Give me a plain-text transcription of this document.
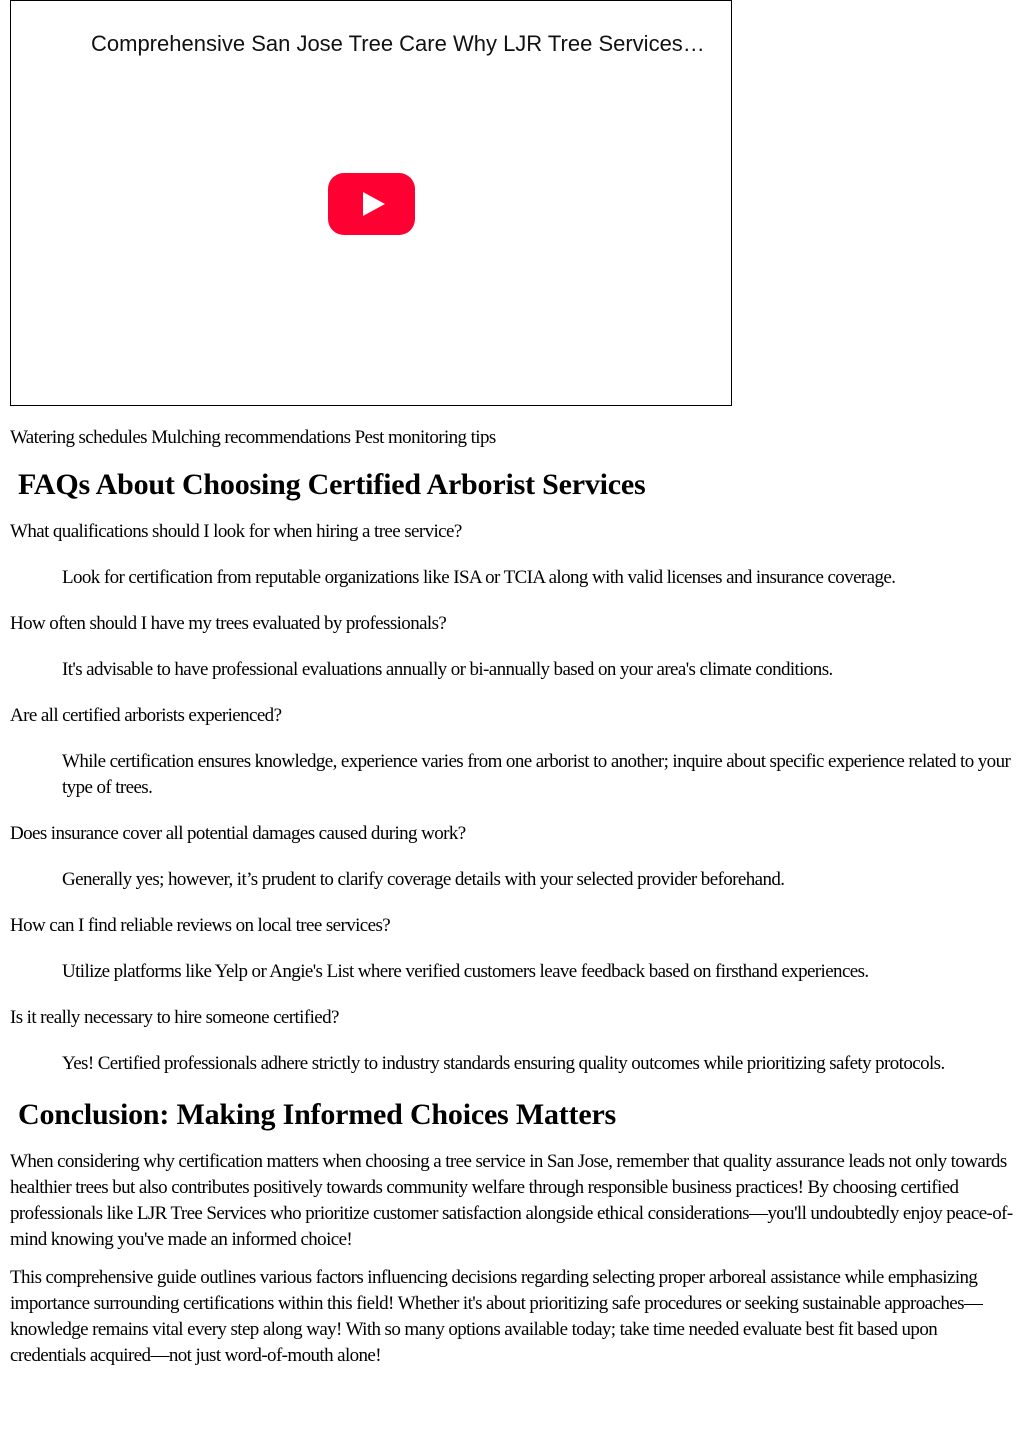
Comprehensive San Jose Tree Care Why LJR Tree Services…

Watering schedules Mulching recommendations Pest monitoring tips

FAQs About Choosing Certified Arborist Services

What qualifications should I look for when hiring a tree service?

Look for certification from reputable organizations like ISA or TCIA along with valid licenses and insurance coverage.

How often should I have my trees evaluated by professionals?

It's advisable to have professional evaluations annually or bi-annually based on your area's climate conditions.

Are all certified arborists experienced?

While certification ensures knowledge, experience varies from one arborist to another; inquire about specific experience related to your type of trees.

Does insurance cover all potential damages caused during work?

Generally yes; however, it’s prudent to clarify coverage details with your selected provider beforehand.

How can I find reliable reviews on local tree services?

Utilize platforms like Yelp or Angie's List where verified customers leave feedback based on firsthand experiences.

Is it really necessary to hire someone certified?

Yes! Certified professionals adhere strictly to industry standards ensuring quality outcomes while prioritizing safety protocols.

Conclusion: Making Informed Choices Matters

When considering why certification matters when choosing a tree service in San Jose, remember that quality assurance leads not only towards healthier trees but also contributes positively towards community welfare through responsible business practices! By choosing certified professionals like LJR Tree Services who prioritize customer satisfaction alongside ethical considerations—you'll undoubtedly enjoy peace-of-mind knowing you've made an informed choice!

This comprehensive guide outlines various factors influencing decisions regarding selecting proper arboreal assistance while emphasizing importance surrounding certifications within this field! Whether it's about prioritizing safe procedures or seeking sustainable approaches—knowledge remains vital every step along way! With so many options available today; take time needed evaluate best fit based upon credentials acquired—not just word-of-mouth alone!
